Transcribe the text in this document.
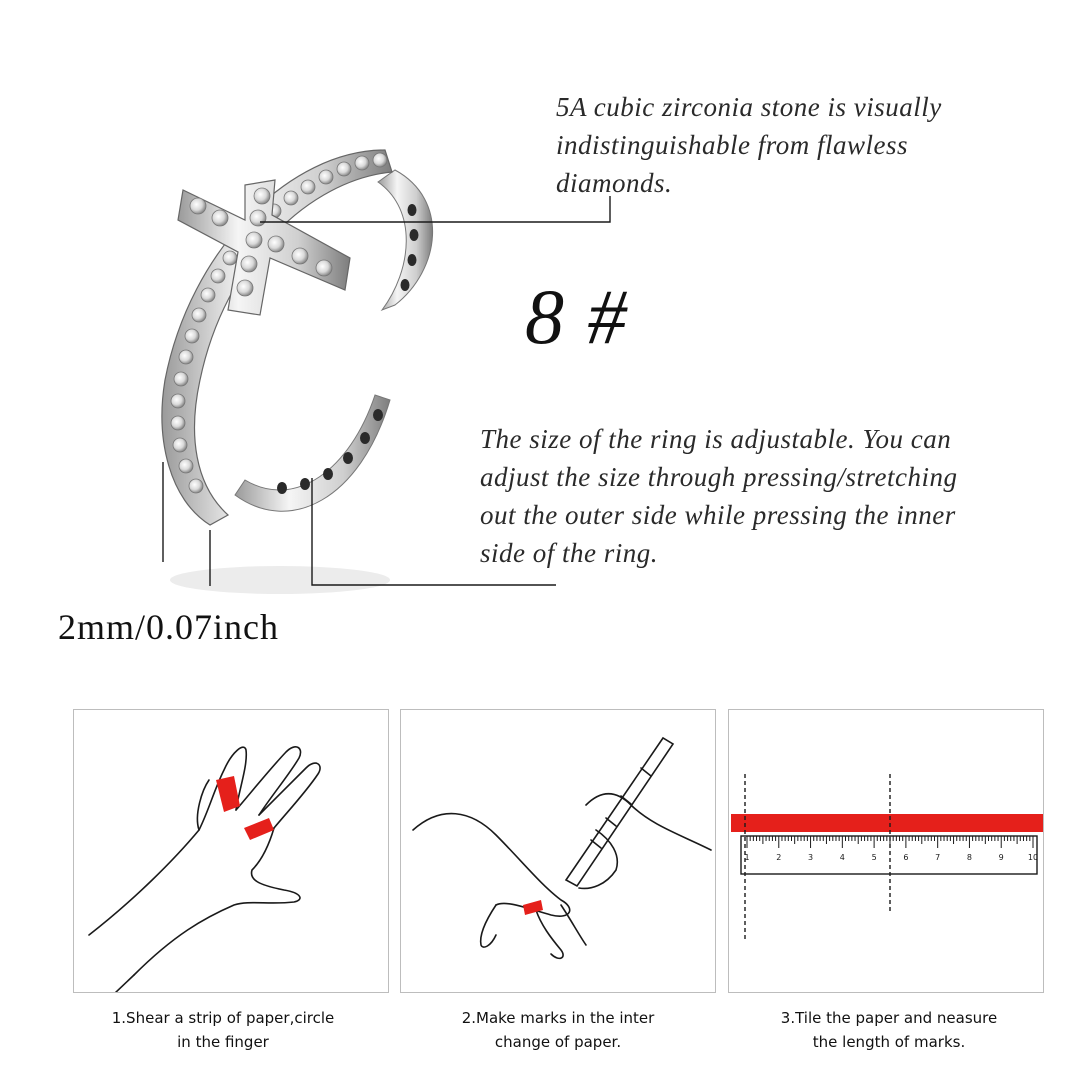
5A cubic zirconia stone is visually
indistinguishable from flawless
diamonds.
8 #
The size of the ring is adjustable. You can
adjust the size through pressing/stretching
out the outer side while pressing the inner
side of the ring.
2mm/0.07inch
1	2	3	4	5	6	7	8	9	10
1.Shear a strip of paper,circle
in the finger
2.Make marks in the inter
change of paper.
3.Tile the paper and neasure
the length of marks.
